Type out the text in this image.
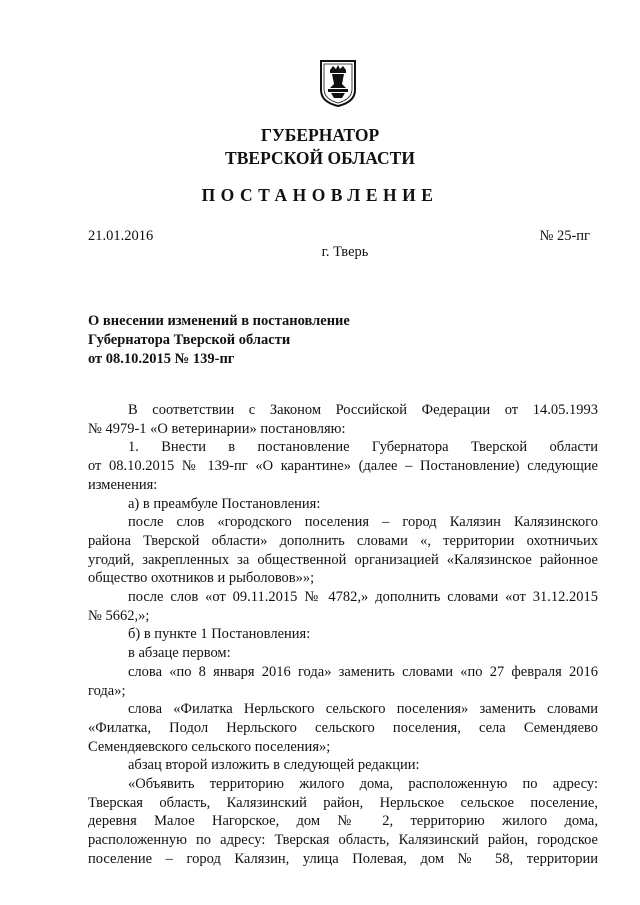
ГУБЕРНАТОР
ТВЕРСКОЙ ОБЛАСТИ
ПОСТАНОВЛЕНИЕ
21.01.2016	№ 25-пг
г. Тверь
О внесении изменений в постановление
Губернатора Тверской области
от 08.10.2015 № 139-пг
В соответствии с Законом Российской Федерации от 14.05.1993
№ 4979-1 «О ветеринарии» постановляю:
1. Внести в постановление Губернатора Тверской области
от 08.10.2015 № 139-пг «О карантине» (далее – Постановление) следующие
изменения:
а) в преамбуле Постановления:
после слов «городского поселения – город Калязин Калязинского
района Тверской области» дополнить словами «, территории охотничьих
угодий, закрепленных за общественной организацией «Калязинское районное
общество охотников и рыболовов»»;
после слов «от 09.11.2015 № 4782,» дополнить словами «от 31.12.2015
№ 5662,»;
б) в пункте 1 Постановления:
в абзаце первом:
слова «по 8 января 2016 года» заменить словами «по 27 февраля 2016
года»;
слова «Филатка Нерльского сельского поселения» заменить словами
«Филатка, Подол Нерльского сельского поселения, села Семендяево
Семендяевского сельского поселения»;
абзац второй изложить в следующей редакции:
«Объявить территорию жилого дома, расположенную по адресу:
Тверская область, Калязинский район, Нерльское сельское поселение,
деревня Малое Нагорское, дом № 2, территорию жилого дома,
расположенную по адресу: Тверская область, Калязинский район, городское
поселение – город Калязин, улица Полевая, дом № 58, территории
